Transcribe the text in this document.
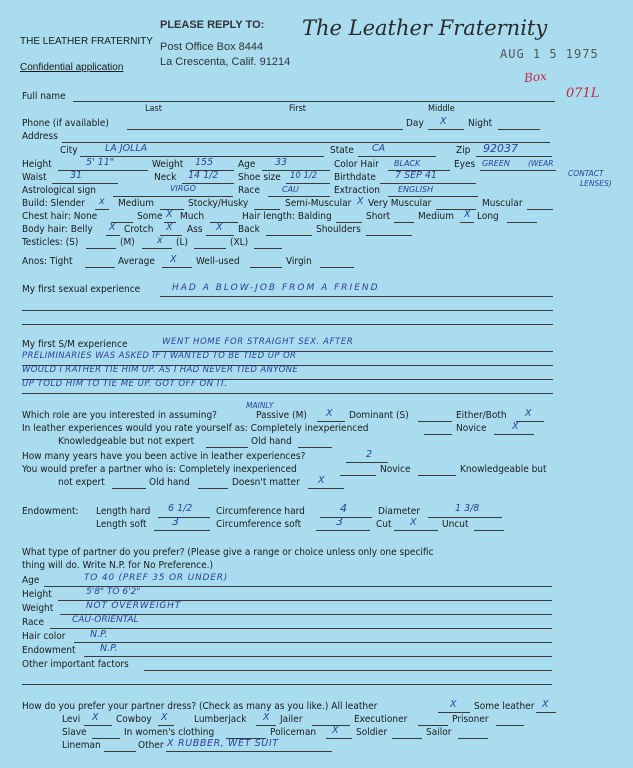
THE LEATHER FRATERNITY
Confidential application
PLEASE REPLY TO:
Post Office Box 8444
La Crescenta, Calif. 91214
The Leather Fraternity
AUG 1 5 1975
Box
071L
Full name
Last	First	Middle
Phone (if available)	Day X Night
Address
City	LA JOLLA	State CA	Zip 92037
Height	5' 11"	Weight 155 Age 33	Color Hair BLACK	Eyes GREEN (WEAR
CONTACT
LENSES)
Waist 31	Neck 14 1/2 Shoe size 10 1/2 Birthdate 7 SEP 41
Astrological sign	VIRGO	Race	CAU	Extraction ENGLISH
Build: Slender x Medium	Stocky/Husky	Semi-Muscular X Very Muscular	Muscular
Chest hair: None	Some X Much	Hair length: Balding	Short	Medium X Long
Body hair: Belly X Crotch X Ass X Back	Shoulders
Testicles: (S)	(M) x (L)	(XL)
Anos: Tight	Average X Well-used	Virgin
My first sexual experience	HAD A BLOW-JOB FROM A FRIEND
My first S/M experience	WENT HOME FOR STRAIGHT SEX. AFTER
PRELIMINARIES WAS ASKED IF I WANTED TO BE TIED UP OR
WOULD I RATHER TIE HIM UP. AS I HAD NEVER TIED ANYONE
UP TOLD HIM TO TIE ME UP. GOT OFF ON IT.
MAINLY
Which role are you interested in assuming?	Passive (M) X Dominant (S)	Either/Both X
In leather experiences would you rate yourself as: Completely inexperienced	Novice	X
Knowledgeable but not expert	Old hand
How many years have you been active in leather experiences?	2
You would prefer a partner who is: Completely inexperienced	Novice	Knowledgeable but
not expert	Old hand	Doesn't matter X
Endowment: Length hard 6 1/2 Circumference hard	4	Diameter	1 3/8
Length soft 3	Circumference soft	3	Cut X	Uncut
What type of partner do you prefer? (Please give a range or choice unless only one specific
thing will do. Write N.P. for No Preference.)
Age	TO 40 (PREF 35 OR UNDER)
Height	5'8" TO 6'2"
Weight	NOT OVERWEIGHT
Race	CAU-ORIENTAL
Hair color	N.P.
Endowment	N.P.
Other important factors
How do you prefer your partner dress? (Check as many as you like.) All leather	X Some leather X
Levi X Cowboy X	Lumberjack X Jailer	Executioner	Prisoner
Slave	In women's clothing	Policeman X Soldier	Sailor
Lineman	Other X RUBBER, WET SUIT
